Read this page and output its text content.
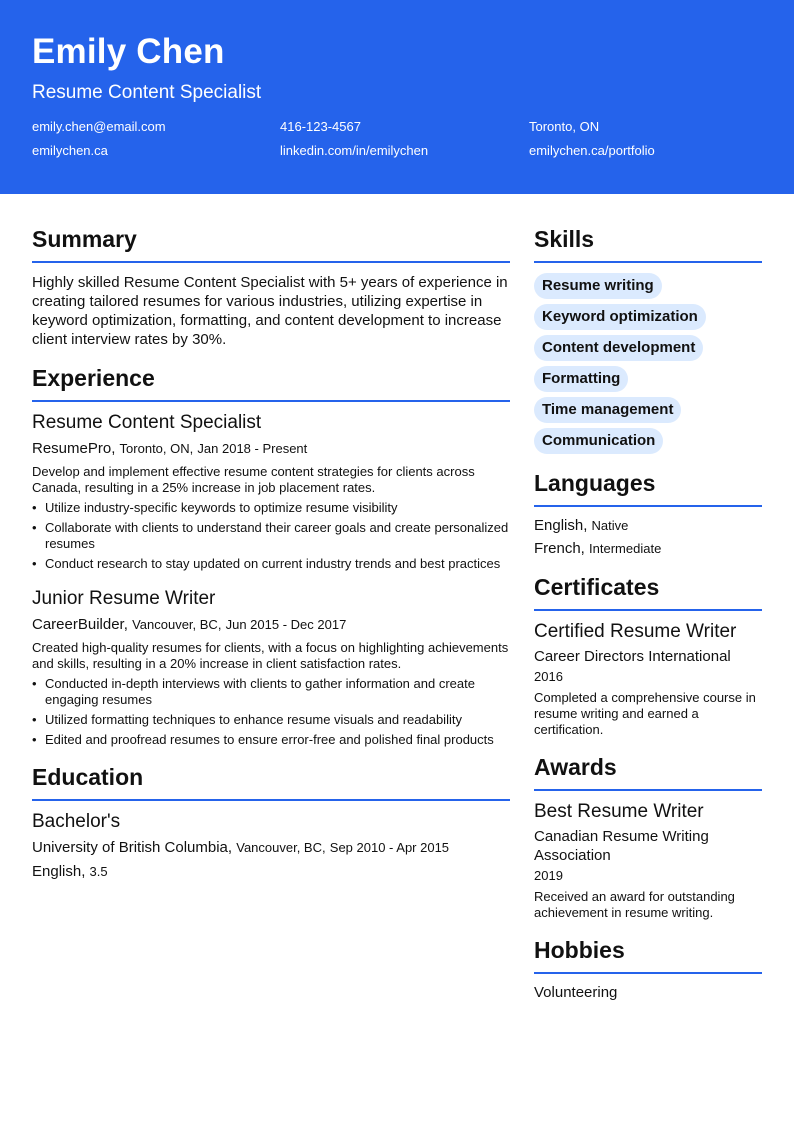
Emily Chen
Resume Content Specialist
emily.chen@email.com	416-123-4567	Toronto, ON
emilychen.ca	linkedin.com/in/emilychen	emilychen.ca/portfolio
Summary
Highly skilled Resume Content Specialist with 5+ years of experience in creating tailored resumes for various industries, utilizing expertise in keyword optimization, formatting, and content development to increase client interview rates by 30%.
Experience
Resume Content Specialist
ResumePro, Toronto, ON, Jan 2018 - Present
Develop and implement effective resume content strategies for clients across Canada, resulting in a 25% increase in job placement rates.
• Utilize industry-specific keywords to optimize resume visibility
• Collaborate with clients to understand their career goals and create personalized resumes
• Conduct research to stay updated on current industry trends and best practices
Junior Resume Writer
CareerBuilder, Vancouver, BC, Jun 2015 - Dec 2017
Created high-quality resumes for clients, with a focus on highlighting achievements and skills, resulting in a 20% increase in client satisfaction rates.
• Conducted in-depth interviews with clients to gather information and create engaging resumes
• Utilized formatting techniques to enhance resume visuals and readability
• Edited and proofread resumes to ensure error-free and polished final products
Education
Bachelor's
University of British Columbia, Vancouver, BC, Sep 2010 - Apr 2015
English, 3.5
Skills
Resume writing
Keyword optimization
Content development
Formatting
Time management
Communication
Languages
English, Native
French, Intermediate
Certificates
Certified Resume Writer
Career Directors International
2016
Completed a comprehensive course in resume writing and earned a certification.
Awards
Best Resume Writer
Canadian Resume Writing Association
2019
Received an award for outstanding achievement in resume writing.
Hobbies
Volunteering
